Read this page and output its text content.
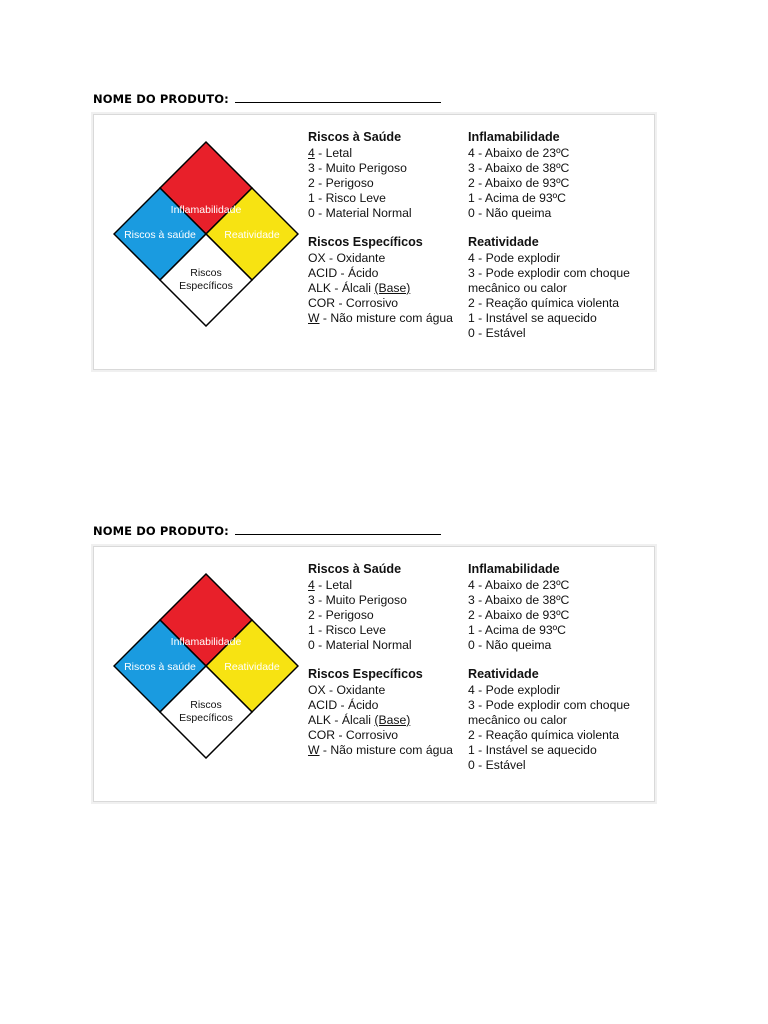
NOME DO PRODUTO:
Inflamabilidade
Riscos à saúde	Reatividade
Riscos
Específicos
Riscos à Saúde
4 - Letal
3 - Muito Perigoso
2 - Perigoso
1 - Risco Leve
0 - Material Normal
Riscos Específicos
OX - Oxidante
ACID - Ácido
ALK - Álcali (Base)
COR - Corrosivo
W - Não misture com água
Inflamabilidade
4 - Abaixo de 23ºC
3 - Abaixo de 38ºC
2 - Abaixo de 93ºC
1 - Acima de 93ºC
0 - Não queima
Reatividade
4 - Pode explodir
3 - Pode explodir com choque
mecânico ou calor
2 - Reação química violenta
1 - Instável se aquecido
0 - Estável
NOME DO PRODUTO:
Inflamabilidade
Riscos à saúde	Reatividade
Riscos
Específicos
Riscos à Saúde
4 - Letal
3 - Muito Perigoso
2 - Perigoso
1 - Risco Leve
0 - Material Normal
Riscos Específicos
OX - Oxidante
ACID - Ácido
ALK - Álcali (Base)
COR - Corrosivo
W - Não misture com água
Inflamabilidade
4 - Abaixo de 23ºC
3 - Abaixo de 38ºC
2 - Abaixo de 93ºC
1 - Acima de 93ºC
0 - Não queima
Reatividade
4 - Pode explodir
3 - Pode explodir com choque
mecânico ou calor
2 - Reação química violenta
1 - Instável se aquecido
0 - Estável
